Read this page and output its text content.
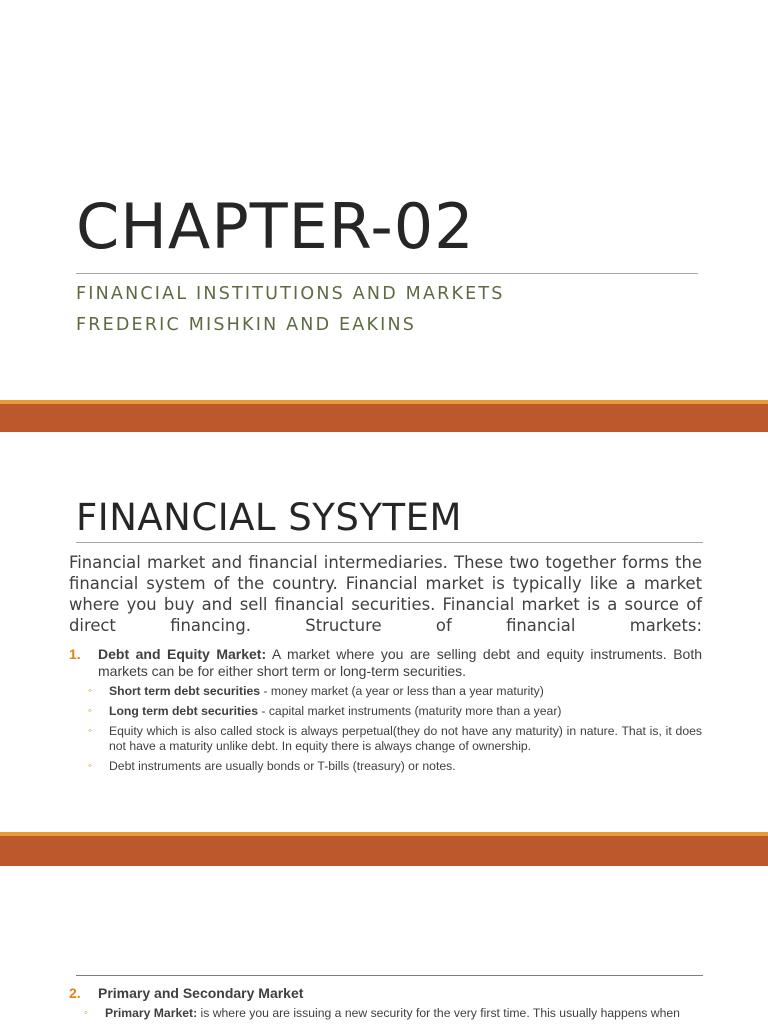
CHAPTER-02
FINANCIAL INSTITUTIONS AND MARKETS
FREDERIC MISHKIN AND EAKINS
FINANCIAL SYSYTEM
Financial market and financial intermediaries. These two together forms the financial system of the country. Financial market is typically like a market where you buy and sell financial securities. Financial market is a source of direct financing. Structure of financial markets:
1. Debt and Equity Market: A market where you are selling debt and equity instruments. Both markets can be for either short term or long-term securities.
◦ Short term debt securities - money market (a year or less than a year maturity)
◦ Long term debt securities - capital market instruments (maturity more than a year)
◦ Equity which is also called stock is always perpetual(they do not have any maturity) in nature. That is, it does not have a maturity unlike debt. In equity there is always change of ownership.
◦ Debt instruments are usually bonds or T-bills (treasury) or notes.
2. Primary and Secondary Market
◦ Primary Market: is where you are issuing a new security for the very first time. This usually happens when
